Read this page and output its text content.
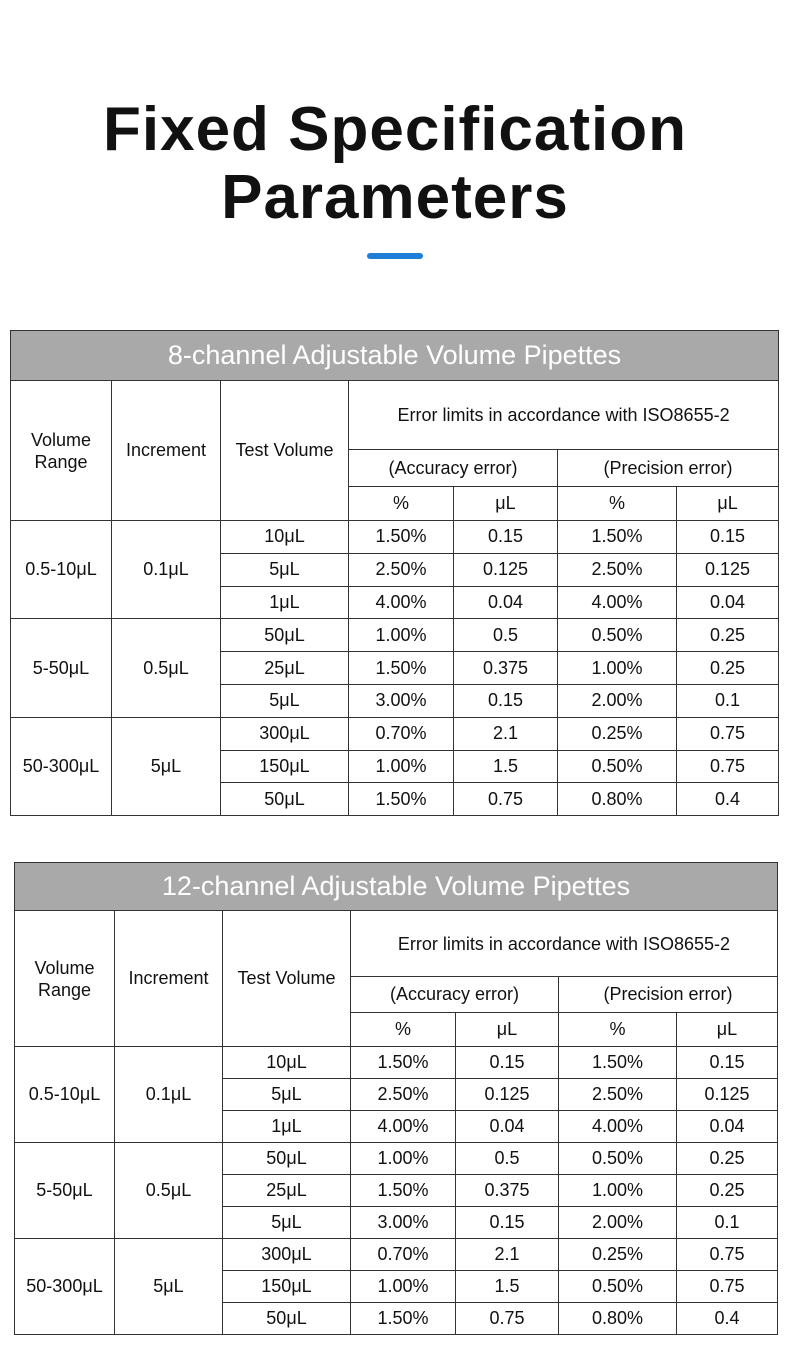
Fixed Specification
Parameters
8-channel Adjustable Volume Pipettes						
Volume Range	Increment	Test Volume	Error limits in accordance with ISO8655-2			
			(Accuracy error)		(Precision error)	
			%	μL	%	μL
0.5-10μL	0.1μL	10μL	1.50%	0.15	1.50%	0.15
		5μL	2.50%	0.125	2.50%	0.125
		1μL	4.00%	0.04	4.00%	0.04
5-50μL	0.5μL	50μL	1.00%	0.5	0.50%	0.25
		25μL	1.50%	0.375	1.00%	0.25
		5μL	3.00%	0.15	2.00%	0.1
50-300μL	5μL	300μL	0.70%	2.1	0.25%	0.75
		150μL	1.00%	1.5	0.50%	0.75
		50μL	1.50%	0.75	0.80%	0.4
12-channel Adjustable Volume Pipettes						
Volume Range	Increment	Test Volume	Error limits in accordance with ISO8655-2			
			(Accuracy error)		(Precision error)	
			%	μL	%	μL
0.5-10μL	0.1μL	10μL	1.50%	0.15	1.50%	0.15
		5μL	2.50%	0.125	2.50%	0.125
		1μL	4.00%	0.04	4.00%	0.04
5-50μL	0.5μL	50μL	1.00%	0.5	0.50%	0.25
		25μL	1.50%	0.375	1.00%	0.25
		5μL	3.00%	0.15	2.00%	0.1
50-300μL	5μL	300μL	0.70%	2.1	0.25%	0.75
		150μL	1.00%	1.5	0.50%	0.75
		50μL	1.50%	0.75	0.80%	0.4
